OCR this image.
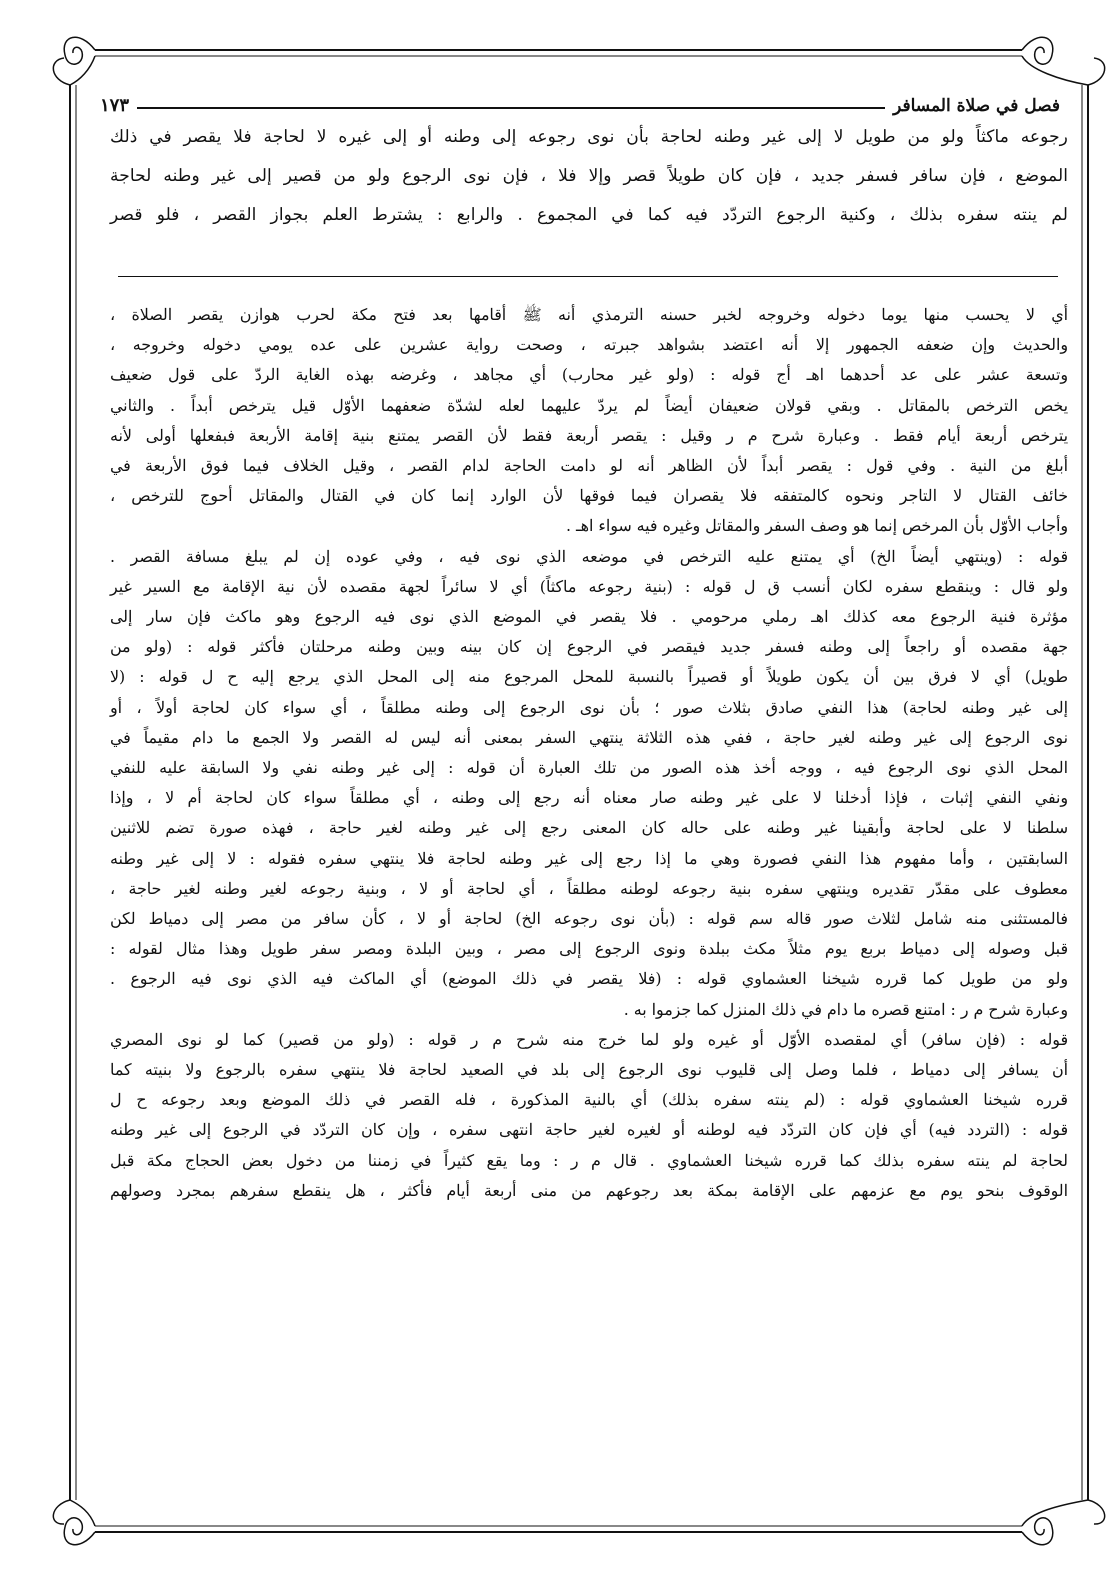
فصل في صلاة المسافر
١٧٣

رجوعه ماكثاً ولو من طويل لا إلى غير وطنه لحاجة بأن نوى رجوعه إلى وطنه أو إلى غيره لا لحاجة فلا يقصر في ذلك

الموضع ، فإن سافر فسفر جديد ، فإن كان طويلاً قصر وإلا فلا ، فإن نوى الرجوع ولو من قصير إلى غير وطنه لحاجة

لم ينته سفره بذلك ، وكنية الرجوع التردّد فيه كما في المجموع . والرابع : يشترط العلم بجواز القصر ، فلو قصر

أي لا يحسب منها يوما دخوله وخروجه لخبر حسنه الترمذي أنه ﷺ أقامها بعد فتح مكة لحرب هوازن يقصر الصلاة ،

والحديث وإن ضعفه الجمهور إلا أنه اعتضد بشواهد جبرته ، وصحت رواية عشرين على عده يومي دخوله وخروجه ،

وتسعة عشر على عد أحدهما اهـ أج قوله : (ولو غير محارب) أي مجاهد ، وغرضه بهذه الغاية الردّ على قول ضعيف

يخص الترخص بالمقاتل . وبقي قولان ضعيفان أيضاً لم يردّ عليهما لعله لشدّة ضعفهما الأوّل قيل يترخص أبداً . والثاني

يترخص أربعة أيام فقط . وعبارة شرح م ر وقيل : يقصر أربعة فقط لأن القصر يمتنع بنية إقامة الأربعة فبفعلها أولى لأنه

أبلغ من النية . وفي قول : يقصر أبداً لأن الظاهر أنه لو دامت الحاجة لدام القصر ، وقيل الخلاف فيما فوق الأربعة في

خائف القتال لا التاجر ونحوه كالمتفقه فلا يقصران فيما فوقها لأن الوارد إنما كان في القتال والمقاتل أحوج للترخص ،

وأجاب الأوّل بأن المرخص إنما هو وصف السفر والمقاتل وغيره فيه سواء اهـ .

قوله : (وينتهي أيضاً الخ) أي يمتنع عليه الترخص في موضعه الذي نوى فيه ، وفي عوده إن لم يبلغ مسافة القصر .

ولو قال : وينقطع سفره لكان أنسب ق ل قوله : (بنية رجوعه ماكثاً) أي لا سائراً لجهة مقصده لأن نية الإقامة مع السير غير

مؤثرة فنية الرجوع معه كذلك اهـ رملي مرحومي . فلا يقصر في الموضع الذي نوى فيه الرجوع وهو ماكث فإن سار إلى

جهة مقصده أو راجعاً إلى وطنه فسفر جديد فيقصر في الرجوع إن كان بينه وبين وطنه مرحلتان فأكثر قوله : (ولو من

طويل) أي لا فرق بين أن يكون طويلاً أو قصيراً بالنسبة للمحل المرجوع منه إلى المحل الذي يرجع إليه ح ل قوله : (لا

إلى غير وطنه لحاجة) هذا النفي صادق بثلاث صور ؛ بأن نوى الرجوع إلى وطنه مطلقاً ، أي سواء كان لحاجة أولاً ، أو

نوى الرجوع إلى غير وطنه لغير حاجة ، ففي هذه الثلاثة ينتهي السفر بمعنى أنه ليس له القصر ولا الجمع ما دام مقيماً في

المحل الذي نوى الرجوع فيه ، ووجه أخذ هذه الصور من تلك العبارة أن قوله : إلى غير وطنه نفي ولا السابقة عليه للنفي

ونفي النفي إثبات ، فإذا أدخلنا لا على غير وطنه صار معناه أنه رجع إلى وطنه ، أي مطلقاً سواء كان لحاجة أم لا ، وإذا

سلطنا لا على لحاجة وأبقينا غير وطنه على حاله كان المعنى رجع إلى غير وطنه لغير حاجة ، فهذه صورة تضم للاثنين

السابقتين ، وأما مفهوم هذا النفي فصورة وهي ما إذا رجع إلى غير وطنه لحاجة فلا ينتهي سفره فقوله : لا إلى غير وطنه

معطوف على مقدّر تقديره وينتهي سفره بنية رجوعه لوطنه مطلقاً ، أي لحاجة أو لا ، وبنية رجوعه لغير وطنه لغير حاجة ،

فالمستثنى منه شامل لثلاث صور قاله سم قوله : (بأن نوى رجوعه الخ) لحاجة أو لا ، كأن سافر من مصر إلى دمياط لكن

قبل وصوله إلى دمياط بربع يوم مثلاً مكث ببلدة ونوى الرجوع إلى مصر ، وبين البلدة ومصر سفر طويل وهذا مثال لقوله :

ولو من طويل كما قرره شيخنا العشماوي قوله : (فلا يقصر في ذلك الموضع) أي الماكث فيه الذي نوى فيه الرجوع .

وعبارة شرح م ر : امتنع قصره ما دام في ذلك المنزل كما جزموا به .

قوله : (فإن سافر) أي لمقصده الأوّل أو غيره ولو لما خرج منه شرح م ر قوله : (ولو من قصير) كما لو نوى المصري

أن يسافر إلى دمياط ، فلما وصل إلى قليوب نوى الرجوع إلى بلد في الصعيد لحاجة فلا ينتهي سفره بالرجوع ولا بنيته كما

قرره شيخنا العشماوي قوله : (لم ينته سفره بذلك) أي بالنية المذكورة ، فله القصر في ذلك الموضع وبعد رجوعه ح ل

قوله : (التردد فيه) أي فإن كان التردّد فيه لوطنه أو لغيره لغير حاجة انتهى سفره ، وإن كان التردّد في الرجوع إلى غير وطنه

لحاجة لم ينته سفره بذلك كما قرره شيخنا العشماوي . قال م ر : وما يقع كثيراً في زمننا من دخول بعض الحجاج مكة قبل

الوقوف بنحو يوم مع عزمهم على الإقامة بمكة بعد رجوعهم من منى أربعة أيام فأكثر ، هل ينقطع سفرهم بمجرد وصولهم
